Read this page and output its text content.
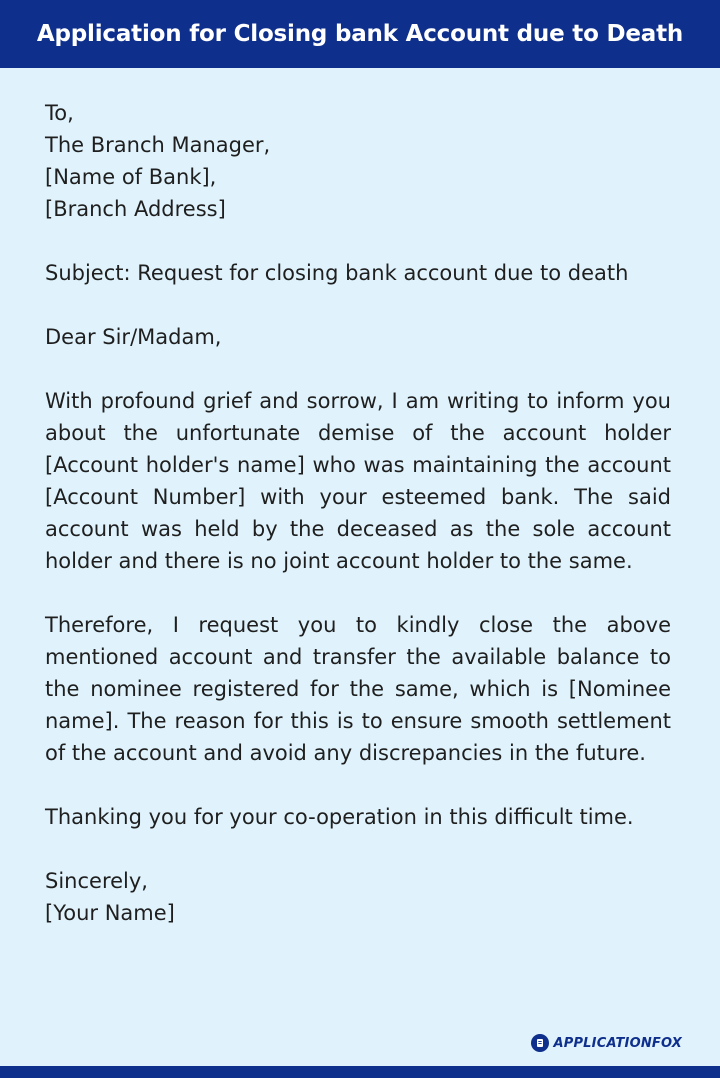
Application for Closing bank Account due to Death
To,
The Branch Manager,
[Name of Bank],
[Branch Address]
Subject: Request for closing bank account due to death
Dear Sir/Madam,

With profound grief and sorrow, I am writing to inform you about the unfortunate demise of the account holder [Account holder's name] who was maintaining the account [Account Number] with your esteemed bank. The said account was held by the deceased as the sole account holder and there is no joint account holder to the same.

Therefore, I request you to kindly close the above mentioned account and transfer the available balance to the nominee registered for the same, which is [Nominee name]. The reason for this is to ensure smooth settlement of the account and avoid any discrepancies in the future.

Thanking you for your co-operation in this difficult time.

Sincerely,
[Your Name]
APPLICATIONFOX
